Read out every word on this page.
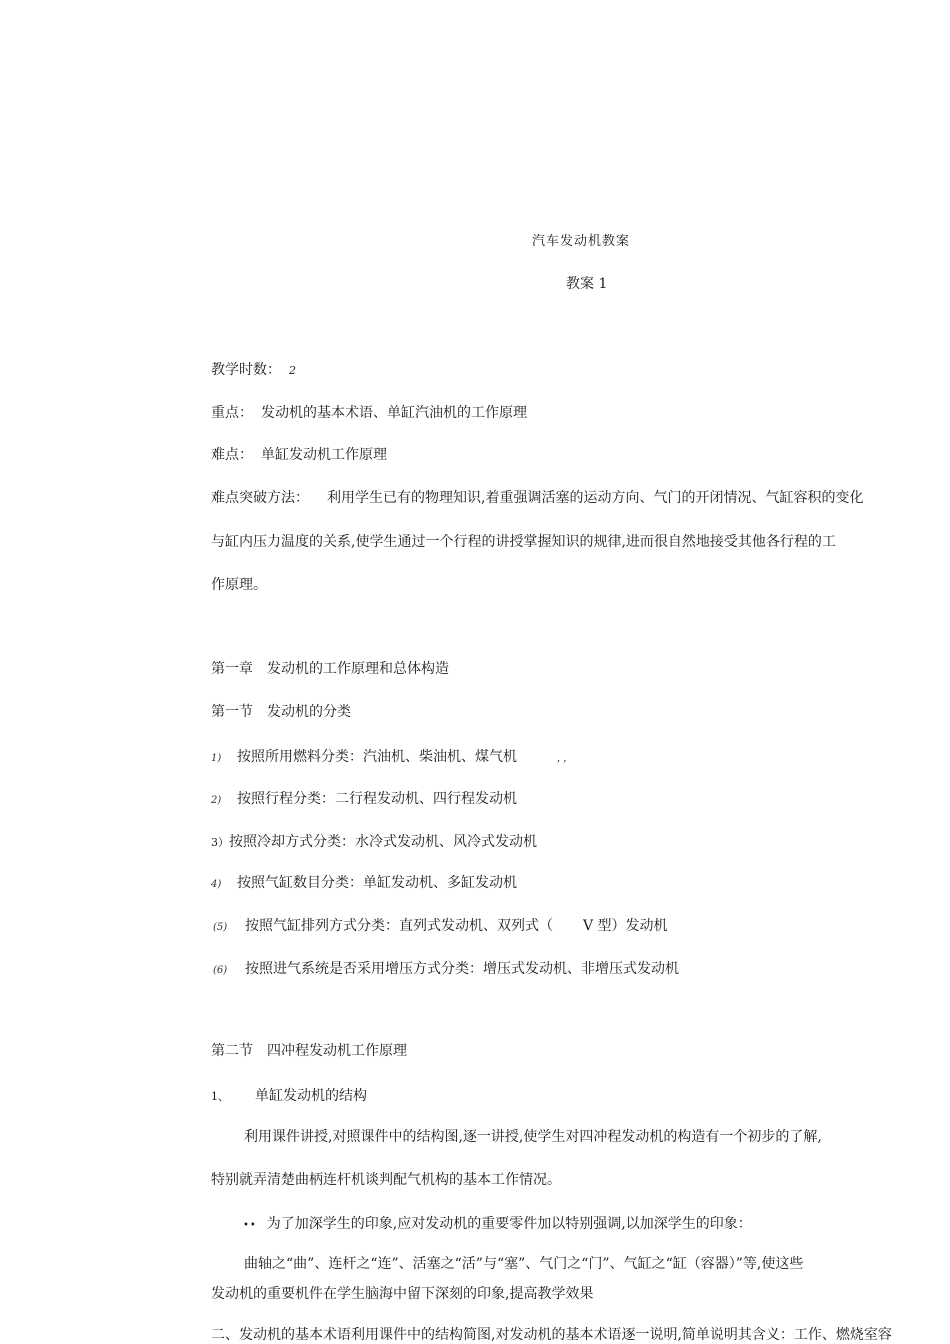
汽车发动机教案
教案 1
教学时数： 2
重点： 发动机的基本术语、单缸汽油机的工作原理
难点： 单缸发动机工作原理
难点突破方法： 利用学生已有的物理知识,着重强调活塞的运动方向、气门的开闭情况、气缸容积的变化
与缸内压力温度的关系,使学生通过一个行程的讲授掌握知识的规律,进而很自然地接受其他各行程的工
作原理。
第一章　发动机的工作原理和总体构造
第一节　发动机的分类
1) 按照所用燃料分类：汽油机、柴油机、煤气机	, ,
2) 按照行程分类：二行程发动机、四行程发动机
3）按照冷却方式分类：水冷式发动机、风冷式发动机
4) 按照气缸数目分类：单缸发动机、多缸发动机
(5) 按照气缸排列方式分类：直列式发动机、双列式（ V 型）发动机
(6) 按照进气系统是否采用增压方式分类：增压式发动机、非增压式发动机
第二节　四冲程发动机工作原理
1、 单缸发动机的结构
利用课件讲授,对照课件中的结构图,逐一讲授,使学生对四冲程发动机的构造有一个初步的了解,
特别就弄清楚曲柄连杆机谈判配气机构的基本工作情况。
•• 为了加深学生的印象,应对发动机的重要零件加以特别强调,以加深学生的印象：
曲轴之“曲”、连杆之“连”、活塞之“活”与“塞”、气门之“门”、气缸之“缸（容器）”等,使这些
发动机的重要机件在学生脑海中留下深刻的印象,提高教学效果
二、发动机的基本术语利用课件中的结构简图,对发动机的基本术语逐一说明,简单说明其含义：工作、燃烧室容
